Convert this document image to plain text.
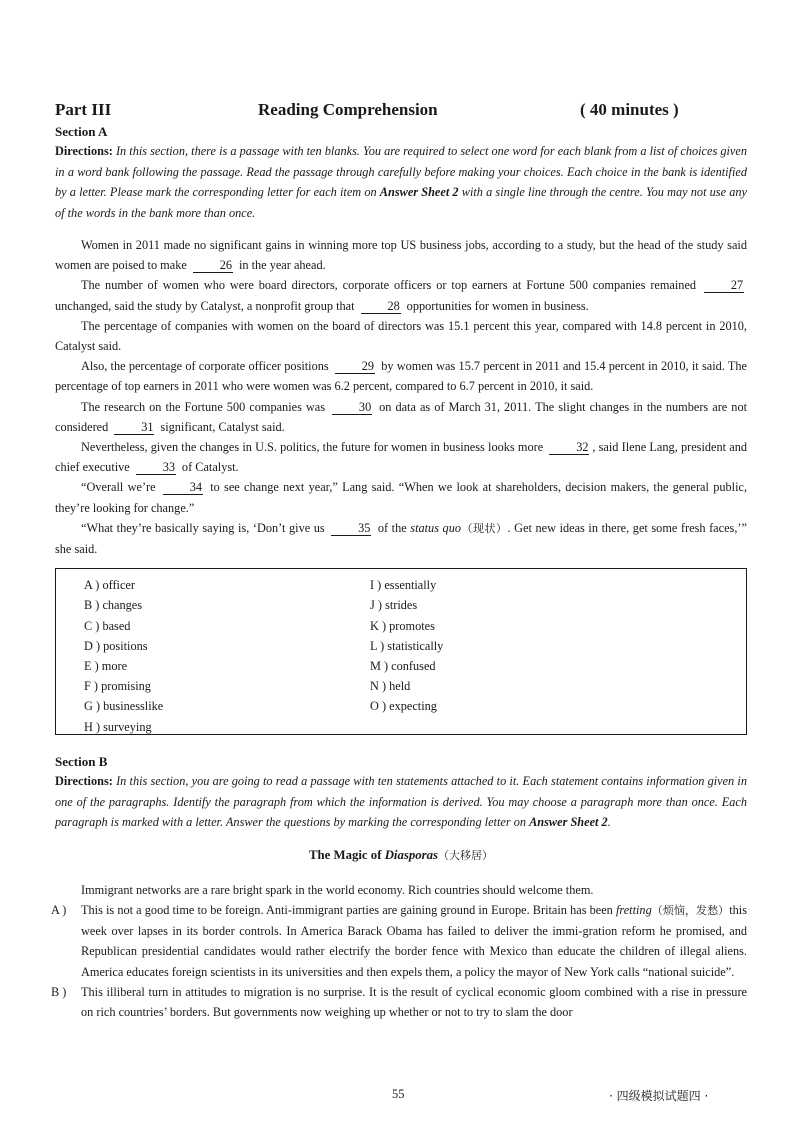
Part III	Reading Comprehension	( 40 minutes )
Section A
Directions: In this section, there is a passage with ten blanks. You are required to select one word for each blank from a list of choices given in a word bank following the passage. Read the passage through carefully before making your choices. Each choice in the bank is identified by a letter. Please mark the corresponding letter for each item on Answer Sheet 2 with a single line through the centre. You may not use any of the words in the bank more than once.

Women in 2011 made no significant gains in winning more top US business jobs, according to a study, but the head of the study said women are poised to make	26 in the year ahead.

The number of women who were board directors, corporate officers or top earners at Fortune 500 companies remained	27 unchanged, said the study by Catalyst, a nonprofit group that	28 opportunities for women in business.

The percentage of companies with women on the board of directors was 15.1 percent this year, compared with 14.8 percent in 2010, Catalyst said.

Also, the percentage of corporate officer positions	29 by women was 15.7 percent in 2011 and 15.4 percent in 2010, it said. The percentage of top earners in 2011 who were women was 6.2 percent, compared to 6.7 percent in 2010, it said.

The research on the Fortune 500 companies was	30 on data as of March 31, 2011. The slight changes in the numbers are not considered	31 significant, Catalyst said.

Nevertheless, given the changes in U.S. politics, the future for women in business looks more	32 , said Ilene Lang, president and chief executive	33 of Catalyst.

“Overall we’re	34 to see change next year,” Lang said. “When we look at shareholders, decision makers, the general public, they’re looking for change.”

“What they’re basically saying is, ‘Don’t give us	35 of the status quo（现状）. Get new ideas in there, get some fresh faces,’” she said.

A ) officer
B ) changes
C ) based
D ) positions
E ) more
F ) promising
G ) businesslike
H ) surveying
I ) essentially
J ) strides
K ) promotes
L ) statistically
M ) confused
N ) held
O ) expecting
Section B
Directions: In this section, you are going to read a passage with ten statements attached to it. Each statement contains information given in one of the paragraphs. Identify the paragraph from which the information is derived. You may choose a paragraph more than once. Each paragraph is marked with a letter. Answer the questions by marking the corresponding letter on Answer Sheet 2.
The Magic of Diasporas（大移居）

Immigrant networks are a rare bright spark in the world economy. Rich countries should welcome them.

A ) This is not a good time to be foreign. Anti-immigrant parties are gaining ground in Europe. Britain has been fretting（烦恼，发愁）this week over lapses in its border controls. In America Barack Obama has failed to deliver the immi-gration reform he promised, and Republican presidential candidates would rather electrify the border fence with Mexico than educate the children of illegal aliens. America educates foreign scientists in its universities and then expels them, a policy the mayor of New York calls “national suicide”.

B ) This illiberal turn in attitudes to migration is no surprise. It is the result of cyclical economic gloom combined with a rise in pressure on rich countries’ borders. But governments now weighing up whether or not to try to slam the door

55	· 四级模拟试题四 ·
